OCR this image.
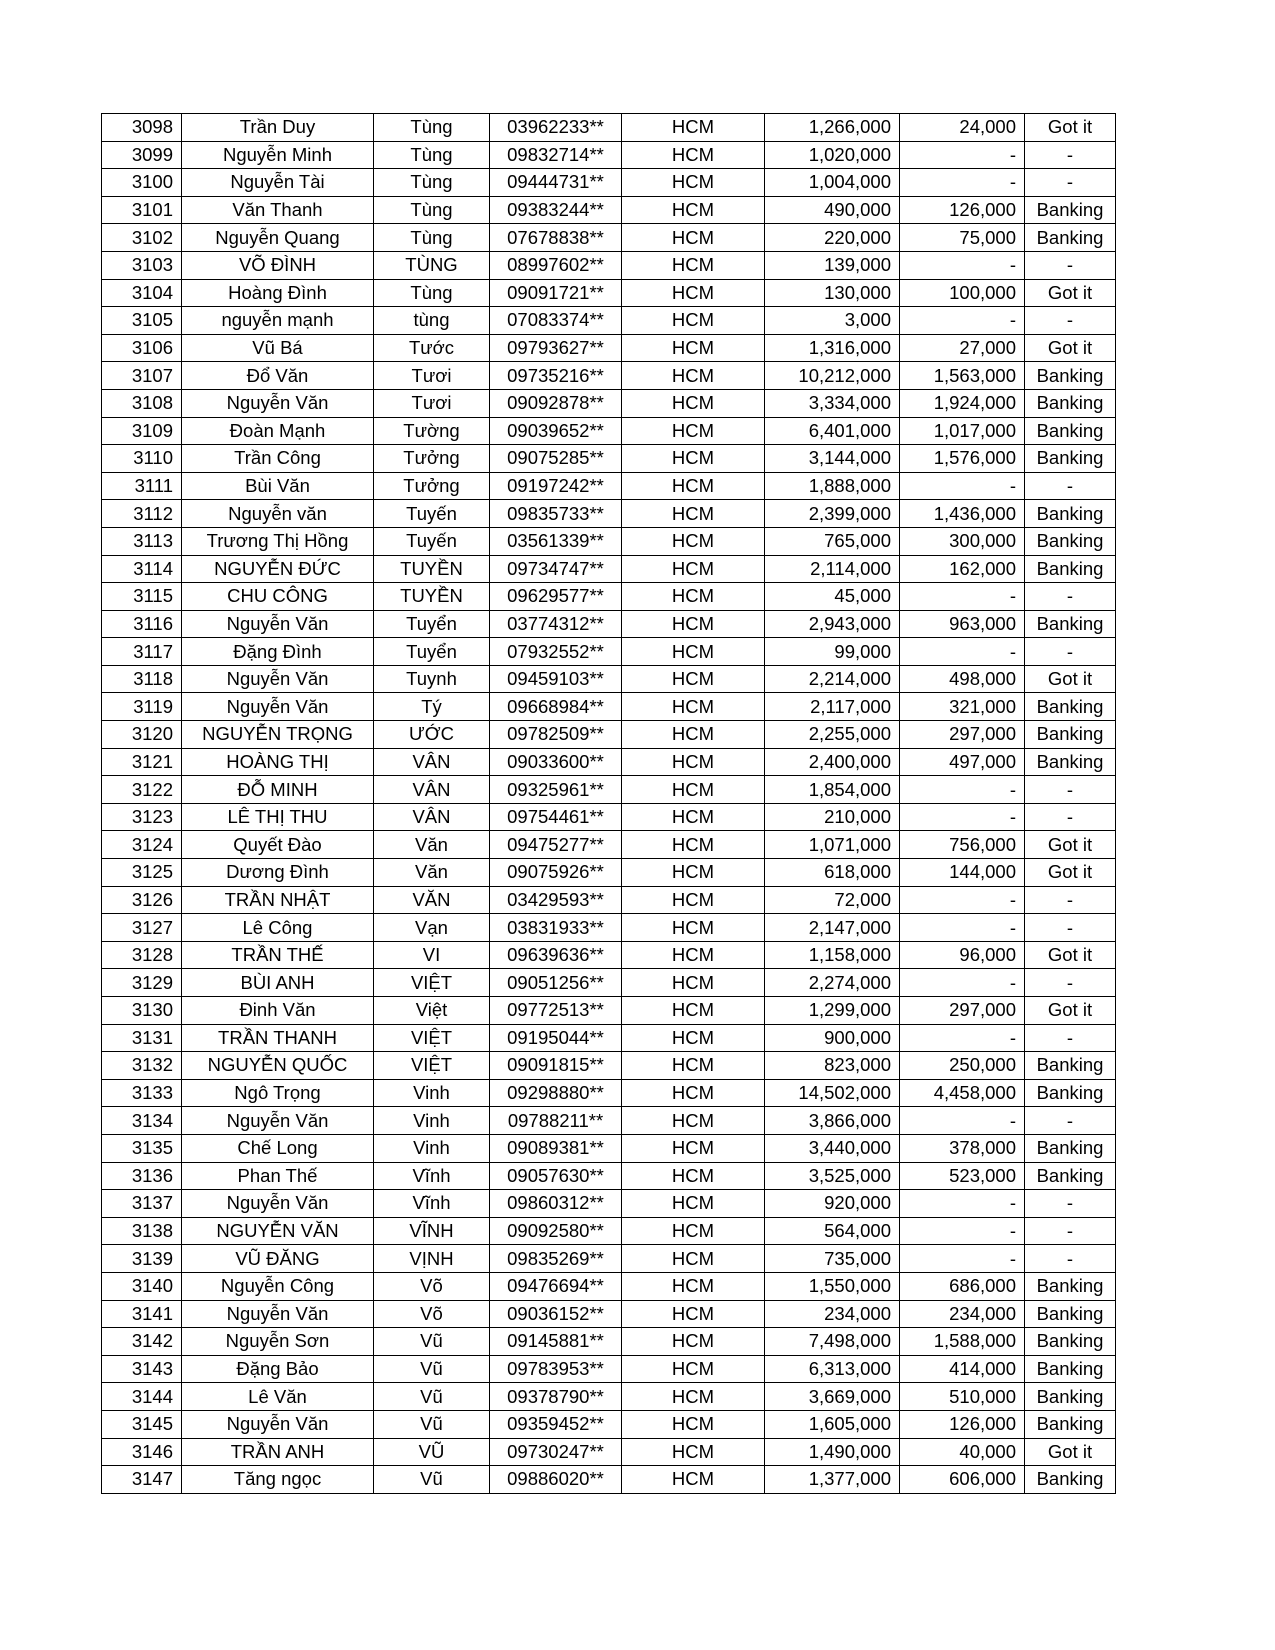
3098	Trần Duy	Tùng	03962233**	HCM	1,266,000	24,000	Got it
3099	Nguyễn Minh	Tùng	09832714**	HCM	1,020,000	-	-
3100	Nguyễn Tài	Tùng	09444731**	HCM	1,004,000	-	-
3101	Văn Thanh	Tùng	09383244**	HCM	490,000	126,000	Banking
3102	Nguyễn Quang	Tùng	07678838**	HCM	220,000	75,000	Banking
3103	VÕ ĐÌNH	TÙNG	08997602**	HCM	139,000	-	-
3104	Hoàng Đình	Tùng	09091721**	HCM	130,000	100,000	Got it
3105	nguyễn mạnh	tùng	07083374**	HCM	3,000	-	-
3106	Vũ Bá	Tước	09793627**	HCM	1,316,000	27,000	Got it
3107	Đổ Văn	Tươi	09735216**	HCM	10,212,000	1,563,000	Banking
3108	Nguyễn Văn	Tươi	09092878**	HCM	3,334,000	1,924,000	Banking
3109	Đoàn Mạnh	Tường	09039652**	HCM	6,401,000	1,017,000	Banking
3110	Trần Công	Tưởng	09075285**	HCM	3,144,000	1,576,000	Banking
3111	Bùi Văn	Tưởng	09197242**	HCM	1,888,000	-	-
3112	Nguyễn văn	Tuyến	09835733**	HCM	2,399,000	1,436,000	Banking
3113	Trương Thị Hồng	Tuyến	03561339**	HCM	765,000	300,000	Banking
3114	NGUYỄN ĐỨC	TUYỀN	09734747**	HCM	2,114,000	162,000	Banking
3115	CHU CÔNG	TUYỀN	09629577**	HCM	45,000	-	-
3116	Nguyễn Văn	Tuyển	03774312**	HCM	2,943,000	963,000	Banking
3117	Đặng Đình	Tuyển	07932552**	HCM	99,000	-	-
3118	Nguyễn Văn	Tuynh	09459103**	HCM	2,214,000	498,000	Got it
3119	Nguyễn Văn	Tý	09668984**	HCM	2,117,000	321,000	Banking
3120	NGUYỄN TRỌNG	ƯỚC	09782509**	HCM	2,255,000	297,000	Banking
3121	HOÀNG THỊ	VÂN	09033600**	HCM	2,400,000	497,000	Banking
3122	ĐỖ MINH	VÂN	09325961**	HCM	1,854,000	-	-
3123	LÊ THỊ THU	VÂN	09754461**	HCM	210,000	-	-
3124	Quyết Đào	Văn	09475277**	HCM	1,071,000	756,000	Got it
3125	Dương Đình	Văn	09075926**	HCM	618,000	144,000	Got it
3126	TRẦN NHẬT	VĂN	03429593**	HCM	72,000	-	-
3127	Lê Công	Vạn	03831933**	HCM	2,147,000	-	-
3128	TRẦN THẾ	VI	09639636**	HCM	1,158,000	96,000	Got it
3129	BÙI ANH	VIỆT	09051256**	HCM	2,274,000	-	-
3130	Đinh Văn	Việt	09772513**	HCM	1,299,000	297,000	Got it
3131	TRẦN THANH	VIỆT	09195044**	HCM	900,000	-	-
3132	NGUYỄN QUỐC	VIỆT	09091815**	HCM	823,000	250,000	Banking
3133	Ngô Trọng	Vinh	09298880**	HCM	14,502,000	4,458,000	Banking
3134	Nguyễn Văn	Vinh	09788211**	HCM	3,866,000	-	-
3135	Chế Long	Vinh	09089381**	HCM	3,440,000	378,000	Banking
3136	Phan Thế	Vĩnh	09057630**	HCM	3,525,000	523,000	Banking
3137	Nguyễn Văn	Vĩnh	09860312**	HCM	920,000	-	-
3138	NGUYỄN VĂN	VĨNH	09092580**	HCM	564,000	-	-
3139	VŨ ĐĂNG	VỊNH	09835269**	HCM	735,000	-	-
3140	Nguyễn Công	Võ	09476694**	HCM	1,550,000	686,000	Banking
3141	Nguyễn Văn	Võ	09036152**	HCM	234,000	234,000	Banking
3142	Nguyễn Sơn	Vũ	09145881**	HCM	7,498,000	1,588,000	Banking
3143	Đặng Bảo	Vũ	09783953**	HCM	6,313,000	414,000	Banking
3144	Lê Văn	Vũ	09378790**	HCM	3,669,000	510,000	Banking
3145	Nguyễn Văn	Vũ	09359452**	HCM	1,605,000	126,000	Banking
3146	TRẦN ANH	VŨ	09730247**	HCM	1,490,000	40,000	Got it
3147	Tăng ngọc	Vũ	09886020**	HCM	1,377,000	606,000	Banking
